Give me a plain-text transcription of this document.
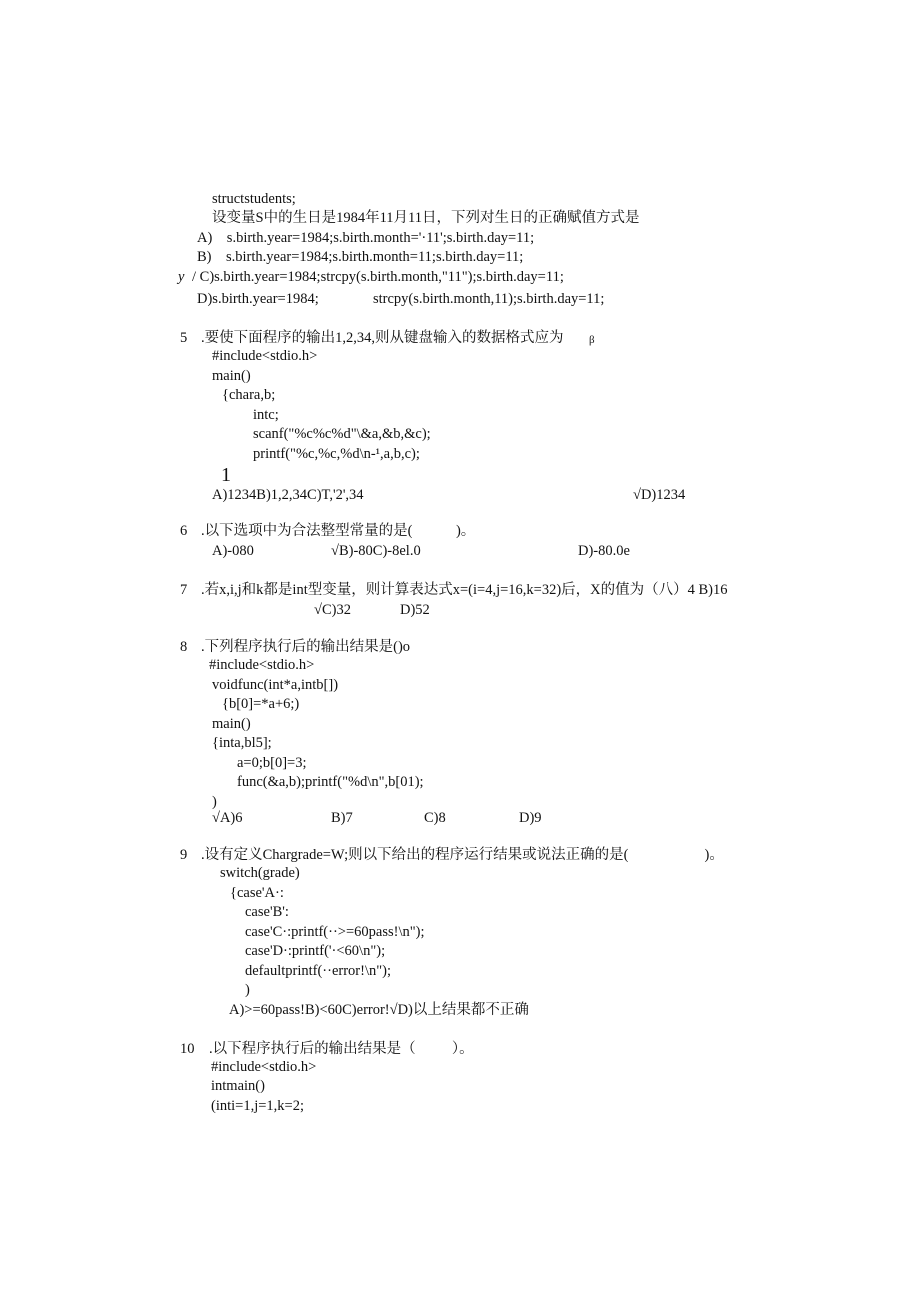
structstudents;
设变量S中的生日是1984年11月11日，下列对生日的正确赋值方式是
A)    s.birth.year=1984;s.birth.month='·11';s.birth.day=11;
B)    s.birth.year=1984;s.birth.month=11;s.birth.day=11;
y / C)s.birth.year=1984;strcpy(s.birth.month,"11");s.birth.day=11;
D)s.birth.year=1984;	strcpy(s.birth.month,11);s.birth.day=11;
5 .要使下面程序的输出1,2,34,则从键盘输入的数据格式应为 β
#include<stdio.h>
main()
{chara,b;
intc;
scanf("%c%c%d"\&a,&b,&c);
printf("%c,%c,%d\n-¹,a,b,c);
1
A)1234B)1,2,34C)T,'2',34	√D)1234
6 .以下选项中为合法整型常量的是(            )。
A)-080	√B)-80C)-8el.0	D)-80.0e
7 .若x,i,j和k都是int型变量，则计算表达式x=(i=4,j=16,k=32)后，X的值为（八）4 B)16
√C)32	D)52
8 .下列程序执行后的输出结果是()o
#include<stdio.h>
voidfunc(int*a,intb[])
{b[0]=*a+6;)
main()
{inta,bl5];
a=0;b[0]=3;
func(&a,b);printf("%d\n",b[01);
)
√A)6	B)7	C)8	D)9
9 .设有定义Chargrade=W;则以下给出的程序运行结果或说法正确的是(                     )。
switch(grade)
{case'A·:
case'B':
case'C·:printf(··>=60pass!\n");
case'D·:printf('·<60\n");
defaultprintf(··error!\n");
)
A)>=60pass!B)<60C)error!√D)以上结果都不正确
10 .以下程序执行后的输出结果是（          ）。
#include<stdio.h>
intmain()
(inti=1,j=1,k=2;
